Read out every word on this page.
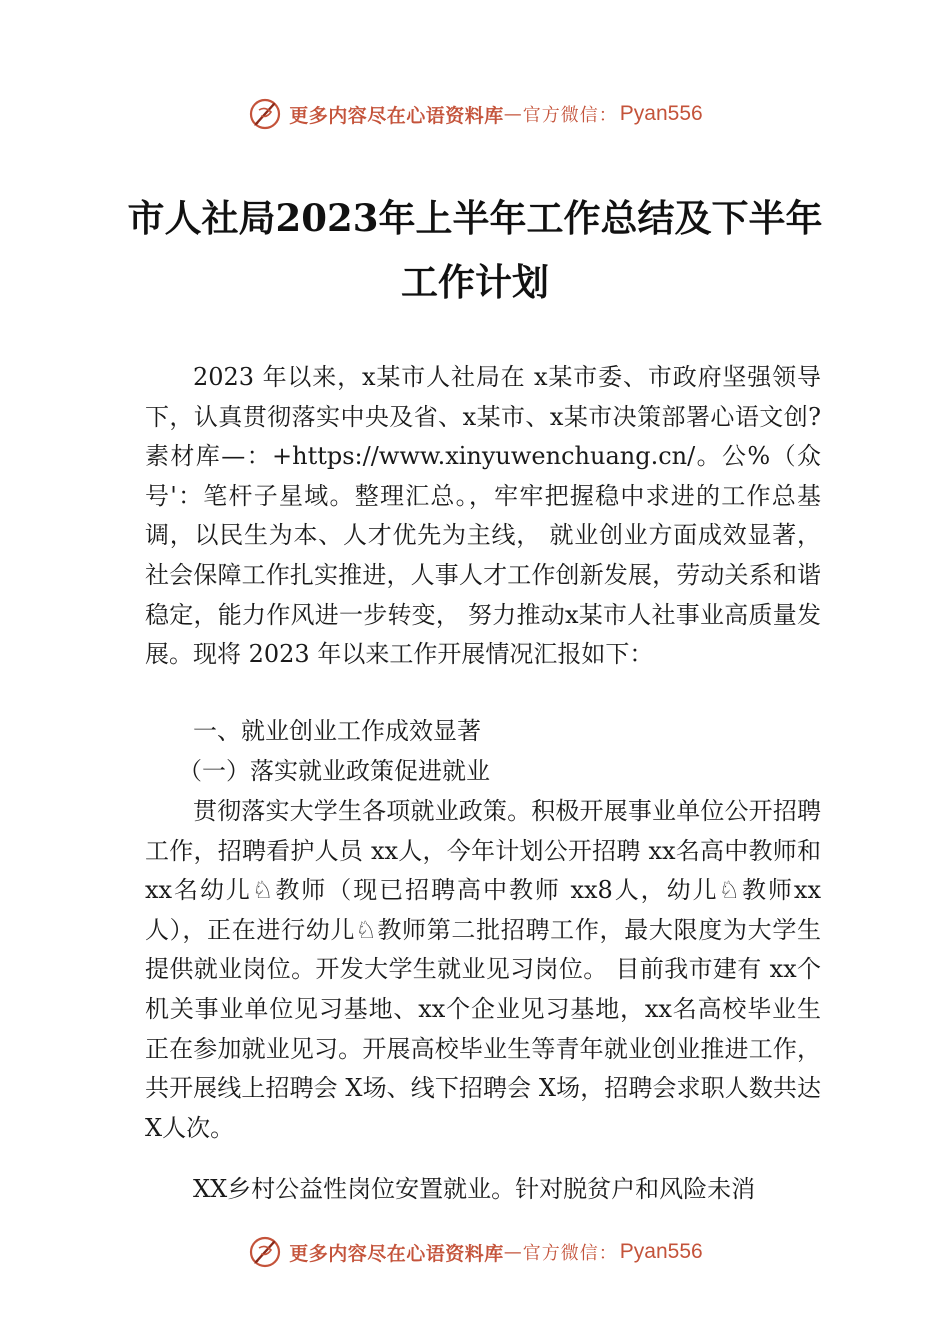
更多内容尽在心语资料库 — 官方微信： Pyan556
市人社局2023年上半年工作总结及下半年
工作计划

2023 年以来，x某市人社局在 x某市委、市政府坚强领导下，认真贯彻落实中央及省、x某市、x某市决策部署心语文创?素材库—：+https://www.xinyuwenchuang.cn/。公%（众号'：笔杆子星域。整理汇总。，牢牢把握稳中求进的工作总基调，以民生为本、人才优先为主线， 就业创业方面成效显著，社会保障工作扎实推进，人事人才工作创新发展，劳动关系和谐稳定，能力作风进一步转变， 努力推动x某市人社事业高质量发展。现将 2023 年以来工作开展情况汇报如下：

一、就业创业工作成效显著

（一）落实就业政策促进就业

贯彻落实大学生各项就业政策。积极开展事业单位公开招聘工作，招聘看护人员 xx人，今年计划公开招聘 xx名高中教师和 xx名幼儿♘教师（现已招聘高中教师 xx8人，幼儿♘教师xx人），正在进行幼儿♘教师第二批招聘工作，最大限度为大学生提供就业岗位。开发大学生就业见习岗位。 目前我市建有 xx个机关事业单位见习基地、xx个企业见习基地，xx名高校毕业生正在参加就业见习。开展高校毕业生等青年就业创业推进工作，共开展线上招聘会 X场、线下招聘会 X场，招聘会求职人数共达 X人次。

XX乡村公益性岗位安置就业。针对脱贫户和风险未消

更多内容尽在心语资料库 — 官方微信： Pyan556
